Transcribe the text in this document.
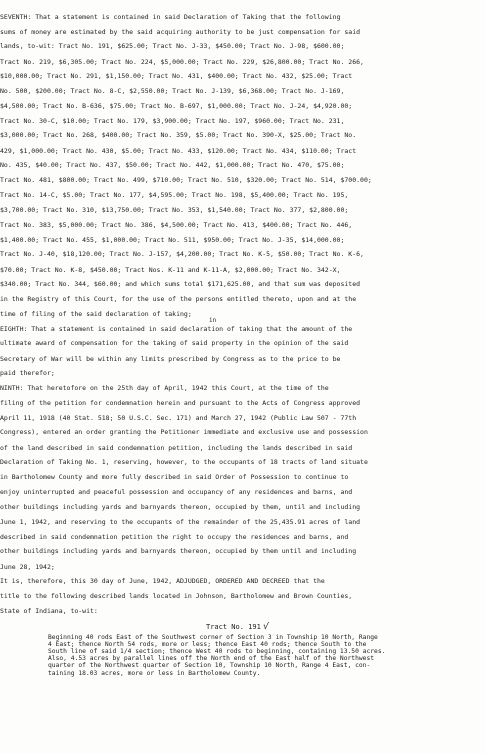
SEVENTH: That a statement is contained in said Declaration of Taking that the following
sums of money are estimated by the said acquiring authority to be just compensation for said
lands, to-wit: Tract No. 191, $625.00; Tract No. J-33, $450.00; Tract No. J-98, $600.00;
Tract No. 219, $6,305.00; Tract No. 224, $5,000.00; Tract No. 229, $26,800.00; Tract No. 266,
$10,000.00; Tract No. 291, $1,150.00; Tract No. 431, $400.00; Tract No. 432, $25.00; Tract
No. 500, $200.00; Tract No. 8-C, $2,550.00; Tract No. J-139, $6,368.00; Tract No. J-169,
$4,500.00; Tract No. B-636, $75.00; Tract No. B-697, $1,000.00; Tract No. J-24, $4,920.00;
Tract No. 30-C, $10.00; Tract No. 179, $3,900.00; Tract No. 197, $960.00; Tract No. 231,
$3,000.00; Tract No. 268, $400.00; Tract No. 359, $5.00; Tract No. 390-X, $25.00; Tract No.
429, $1,000.00; Tract No. 430, $5.00; Tract No. 433, $120.00; Tract No. 434, $110.00; Tract
No. 435, $40.00; Tract No. 437, $50.00; Tract No. 442, $1,000.00; Tract No. 470, $75.00;
Tract No. 481, $800.00; Tract No. 499, $710.00; Tract No. 510, $320.00; Tract No. 514, $700.00;
Tract No. 14-C, $5.00; Tract No. 177, $4,595.00; Tract No. 198, $5,400.00; Tract No. 195,
$3,700.00; Tract No. 310, $13,750.00; Tract No. 353, $1,540.00; Tract No. 377, $2,800.00;
Tract No. 383, $5,000.00; Tract No. 386, $4,500.00; Tract No. 413, $400.00; Tract No. 446,
$1,400.00; Tract No. 455, $1,000.00; Tract No. 511, $950.00; Tract No. J-35, $14,000.00;
Tract No. J-40, $18,120.00; Tract No. J-157, $4,200.00; Tract No. K-5, $50.00; Tract No. K-6,
$70.00; Tract No. K-8, $450.00; Tract Nos. K-11 and K-11-A, $2,000.00; Tract No. 342-X,
$340.00; Tract No. 344, $60.00; and which sums total $171,625.00, and that sum was deposited
in the Registry of this Court, for the use of the persons entitled thereto, upon and at the
time of filing of the said declaration of taking;
EIGHTH: That a statement is contained in said declaration of taking that the amount of the
in
ultimate award of compensation for the taking of said property in the opinion of the said
Secretary of War will be within any limits prescribed by Congress as to the price to be
paid therefor;
NINTH: That heretofore on the 25th day of April, 1942 this Court, at the time of the
filing of the petition for condemnation herein and pursuant to the Acts of Congress approved
April 11, 1918 (40 Stat. 518; 50 U.S.C. Sec. 171) and March 27, 1942 (Public Law 507 - 77th
Congress), entered an order granting the Petitioner immediate and exclusive use and possession
of the land described in said condemnation petition, including the lands described in said
Declaration of Taking No. 1, reserving, however, to the occupants of 18 tracts of land situate
in Bartholomew County and more fully described in said Order of Possession to continue to
enjoy uninterrupted and peaceful possession and occupancy of any residences and barns, and
other buildings including yards and barnyards thereon, occupied by them, until and including
June 1, 1942, and reserving to the occupants of the remainder of the 25,435.91 acres of land
described in said condemnation petition the right to occupy the residences and barns, and
other buildings including yards and barnyards thereon, occupied by them until and including
June 28, 1942;
It is, therefore, this 30 day of June, 1942, ADJUDGED, ORDERED AND DECREED that the
title to the following described lands located in Johnson, Bartholomew and Brown Counties,
State of Indiana, to-wit:
Tract No. 191√
Beginning 40 rods East of the Southwest corner of Section 3 in Township 10 North, Range
4 East; thence North 54 rods, more or less; thence East 40 rods; thence South to the
South line of said 1/4 section; thence West 40 rods to beginning, containing 13.50 acres.
Also, 4.53 acres by parallel lines off the North end of the East half of the Northwest
quarter of the Northwest quarter of Section 10, Township 10 North, Range 4 East, con-
taining 18.03 acres, more or less in Bartholomew County.
